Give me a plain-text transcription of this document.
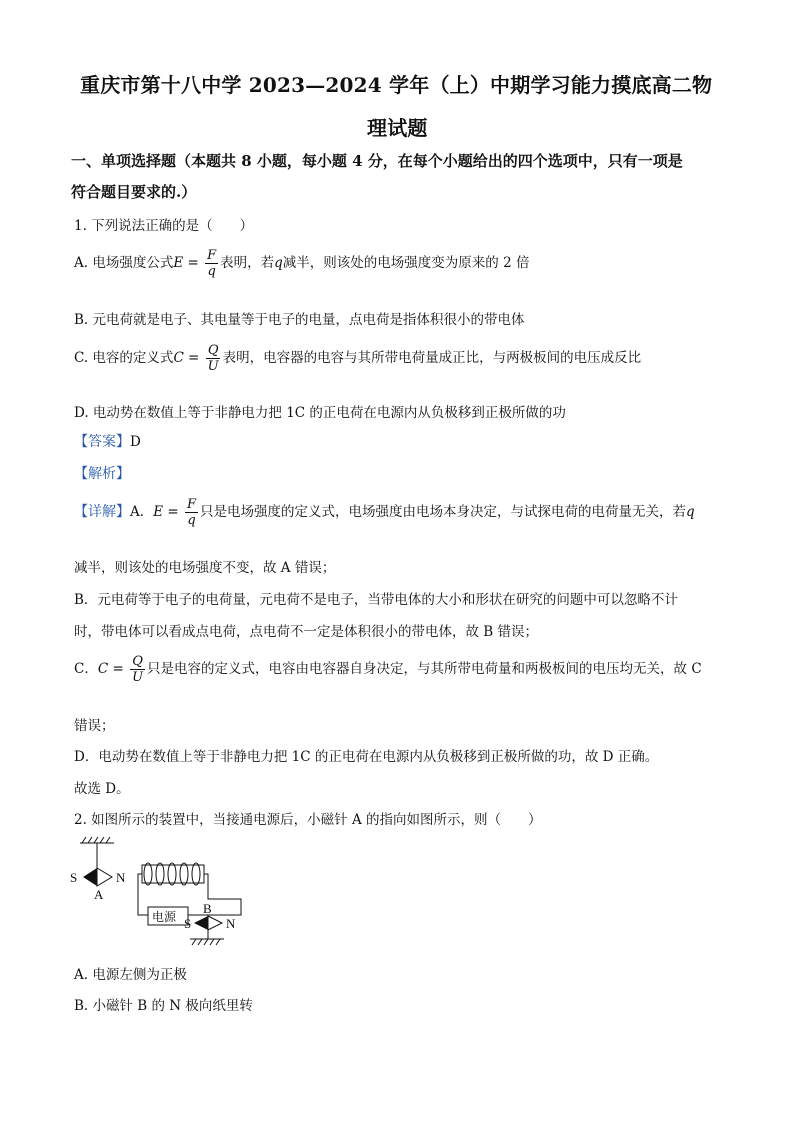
重庆市第十八中学 2023—2024 学年（上）中期学习能力摸底高二物
理试题
一、单项选择题（本题共 8 小题，每小题 4 分，在每个小题给出的四个选项中，只有一项是
符合题目要求的.）
1. 下列说法正确的是（　　）
A. 电场强度公式$E = \frac{F}{q}$ 表明，若q减半，则该处的电场强度变为原来的 2 倍
B. 元电荷就是电子、其电量等于电子的电量，点电荷是指体积很小的带电体
C. 电容的定义式$C = \frac{Q}{U}$ 表明，电容器的电容与其所带电荷量成正比，与两极板间的电压成反比
D. 电动势在数值上等于非静电力把 1C 的正电荷在电源内从负极移到正极所做的功
【答案】D
【解析】
【详解】A．$E = \frac{F}{q}$ 只是电场强度的定义式，电场强度由电场本身决定，与试探电荷的电荷量无关，若q
减半，则该处的电场强度不变，故 A 错误；
B．元电荷等于电子的电荷量，元电荷不是电子，当带电体的大小和形状在研究的问题中可以忽略不计
时，带电体可以看成点电荷，点电荷不一定是体积很小的带电体，故 B 错误；
C．$C = \frac{Q}{U}$ 只是电容的定义式，电容由电容器自身决定，与其所带电荷量和两极板间的电压均无关，故 C
错误；
D．电动势在数值上等于非静电力把 1C 的正电荷在电源内从负极移到正极所做的功，故 D 正确。
故选 D。
2. 如图所示的装置中，当接通电源后，小磁针 A 的指向如图所示，则（　　）
S	N
A
电源
B
S	N
A. 电源左侧为正极
B. 小磁针 B 的 N 极向纸里转
